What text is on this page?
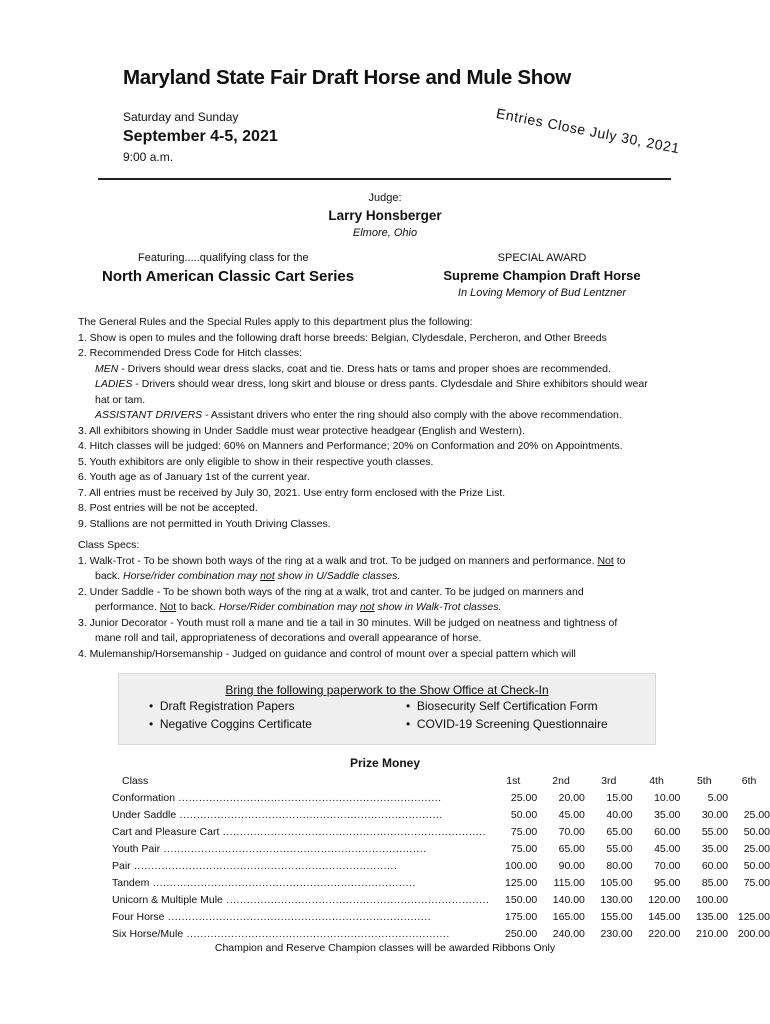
Maryland State Fair Draft Horse and Mule Show
Saturday and Sunday
September 4-5, 2021
9:00 a.m.
Entries Close July 30, 2021
Judge:
Larry Honsberger
Elmore, Ohio
Featuring.....qualifying class for the
North American Classic Cart Series
SPECIAL AWARD
Supreme Champion Draft Horse
In Loving Memory of Bud Lentzner
The General Rules and the Special Rules apply to this department plus the following:
1. Show is open to mules and the following draft horse breeds: Belgian, Clydesdale, Percheron, and Other Breeds
2. Recommended Dress Code for Hitch classes:
MEN - Drivers should wear dress slacks, coat and tie. Dress hats or tams and proper shoes are recommended.
LADIES - Drivers should wear dress, long skirt and blouse or dress pants. Clydesdale and Shire exhibitors should wear
hat or tam.
ASSISTANT DRIVERS - Assistant drivers who enter the ring should also comply with the above recommendation.
3. All exhibitors showing in Under Saddle must wear protective headgear (English and Western).
4. Hitch classes will be judged: 60% on Manners and Performance; 20% on Conformation and 20% on Appointments.
5. Youth exhibitors are only eligible to show in their respective youth classes.
6. Youth age as of January 1st of the current year.
7. All entries must be received by July 30, 2021. Use entry form enclosed with the Prize List.
8. Post entries will be not be accepted.
9. Stallions are not permitted in Youth Driving Classes.
Class Specs:
1. Walk-Trot - To be shown both ways of the ring at a walk and trot. To be judged on manners and performance. Not to
back. Horse/rider combination may not show in U/Saddle classes.
2. Under Saddle - To be shown both ways of the ring at a walk, trot and canter. To be judged on manners and
performance. Not to back. Horse/Rider combination may not show in Walk-Trot classes.
3. Junior Decorator - Youth must roll a mane and tie a tail in 30 minutes. Will be judged on neatness and tightness of
mane roll and tail, appropriateness of decorations and overall appearance of horse.
4. Mulemanship/Horsemanship - Judged on guidance and control of mount over a special pattern which will
Bring the following paperwork to the Show Office at Check-In
• Draft Registration Papers	• Biosecurity Self Certification Form
• Negative Coggins Certificate	• COVID-19 Screening Questionnaire
Prize Money
Class	1st	2nd	3rd	4th	5th	6th
Conformation .............................................................................	25.00	20.00	15.00	10.00	5.00	
Under Saddle .............................................................................	50.00	45.00	40.00	35.00	30.00	25.00
Cart and Pleasure Cart .............................................................................	75.00	70.00	65.00	60.00	55.00	50.00
Youth Pair .............................................................................	75.00	65.00	55.00	45.00	35.00	25.00
Pair .............................................................................	100.00	90.00	80.00	70.00	60.00	50.00
Tandem .............................................................................	125.00	115.00	105.00	95.00	85.00	75.00
Unicorn & Multiple Mule .............................................................................	150.00	140.00	130.00	120.00	100.00	
Four Horse .............................................................................	175.00	165.00	155.00	145.00	135.00	125.00
Six Horse/Mule .............................................................................	250.00	240.00	230.00	220.00	210.00	200.00
Champion and Reserve Champion classes will be awarded Ribbons Only
